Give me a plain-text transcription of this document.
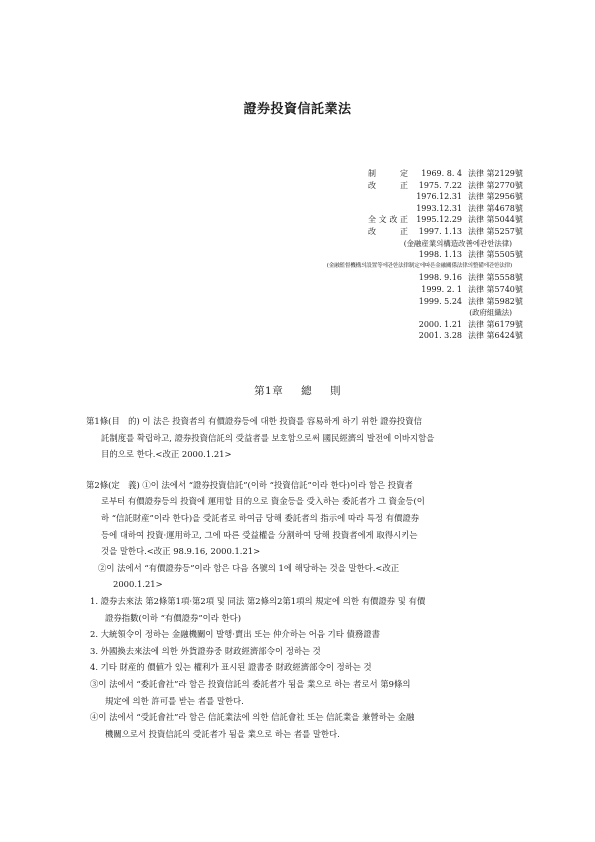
證券投資信託業法
制　定	1969. 8. 4 法律 第2129號
改　正	1975. 7.22 法律 第2770號
1976.12.31 法律 第2956號
1993.12.31 法律 第4678號
全文改正 1995.12.29 法律 第5044號
改　正	1997. 1.13 法律 第5257號
(金融産業의構造改善에관한法律)
1998. 1.13 法律 第5505號
(金融監督機構의設置等에관한法律制定에따른金融關係法律의整備에관한法律)
1998. 9.16 法律 第5558號
1999. 2. 1 法律 第5740號
1999. 5.24 法律 第5982號
(政府組織法)
2000. 1.21 法律 第6179號
2001. 3.28 法律 第6424號
第1章 總 則
第1條(目　的) 이 法은 投資者의 有價證券등에 대한 投資를 容易하게 하기 위한 證券投資信
託制度를 확립하고, 證券投資信託의 受益者를 보호함으로써 國民經濟의 발전에 이바지함을
目的으로 한다.<改正 2000.1.21>
第2條(定　義) ①이 法에서 “證券投資信託”(이하 “投資信託”이라 한다)이라 함은 投資者
로부터 有價證券등의 投資에 運用할 目的으로 資金등을 受入하는 委託者가 그 資金등(이
하 “信託財産”이라 한다)을 受託者로 하여금 당해 委託者의 指示에 따라 특정 有價證券
등에 대하여 投資·運用하고, 그에 따른 受益權을 分割하여 당해 投資者에게 取得시키는
것을 말한다.<改正 98.9.16, 2000.1.21>
②이 法에서 “有價證券등”이라 함은 다음 各號의 1에 해당하는 것을 말한다.<改正
2000.1.21>
1. 證券去來法 第2條第1項·第2項 및 同法 第2條의2第1項의 規定에 의한 有價證券 및 有價
證券指數(이하 “有價證券”이라 한다)
2. 大統領令이 정하는 金融機關이 발행·賣出 또는 仲介하는 어음 기타 債務證書
3. 外國換去來法에 의한 外貨證券중 財政經濟部令이 정하는 것
4. 기타 財産的 價値가 있는 權利가 표시된 證書중 財政經濟部令이 정하는 것
③이 法에서 “委託會社”라 함은 投資信託의 委託者가 됨을 業으로 하는 者로서 第9條의
規定에 의한 許可를 받는 者를 말한다.
④이 法에서 “受託會社”라 함은 信託業法에 의한 信託會社 또는 信託業을 兼營하는 金融
機關으로서 投資信託의 受託者가 됨을 業으로 하는 者를 말한다.
